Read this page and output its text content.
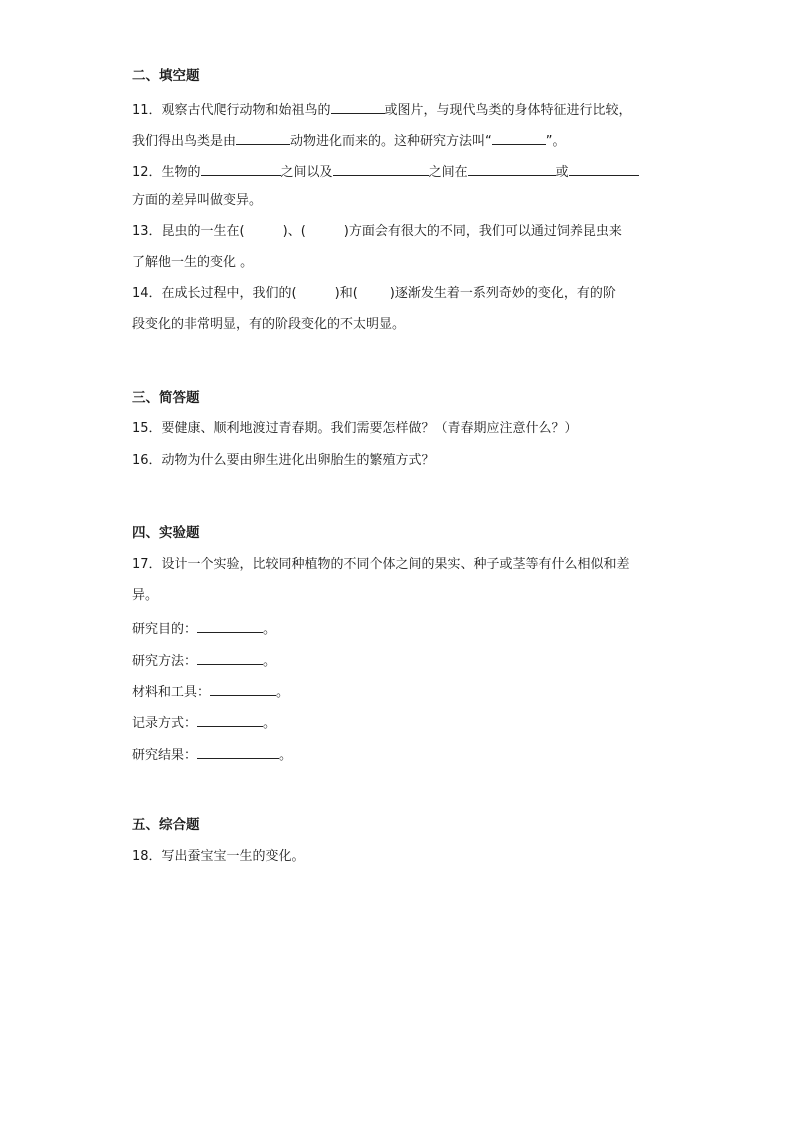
二、填空题
11．观察古代爬行动物和始祖鸟的	或图片，与现代鸟类的身体特征进行比较，
我们得出鸟类是由	动物进化而来的。这种研究方法叫“	”。
12．生物的	之间以及	之间在	或
方面的差异叫做变异。
13．昆虫的一生在(	)、(	)方面会有很大的不同，我们可以通过饲养昆虫来
了解他一生的变化 。
14．在成长过程中，我们的(	)和( )逐渐发生着一系列奇妙的变化，有的阶
段变化的非常明显，有的阶段变化的不太明显。
三、简答题
15．要健康、顺利地渡过青春期。我们需要怎样做？（青春期应注意什么？）
16．动物为什么要由卵生进化出卵胎生的繁殖方式？
四、实验题
17．设计一个实验，比较同种植物的不同个体之间的果实、种子或茎等有什么相似和差
异。
研究目的：	。
研究方法：	。
材料和工具：	。
记录方式：	。
研究结果：	。
五、综合题
18．写出蚕宝宝一生的变化。
